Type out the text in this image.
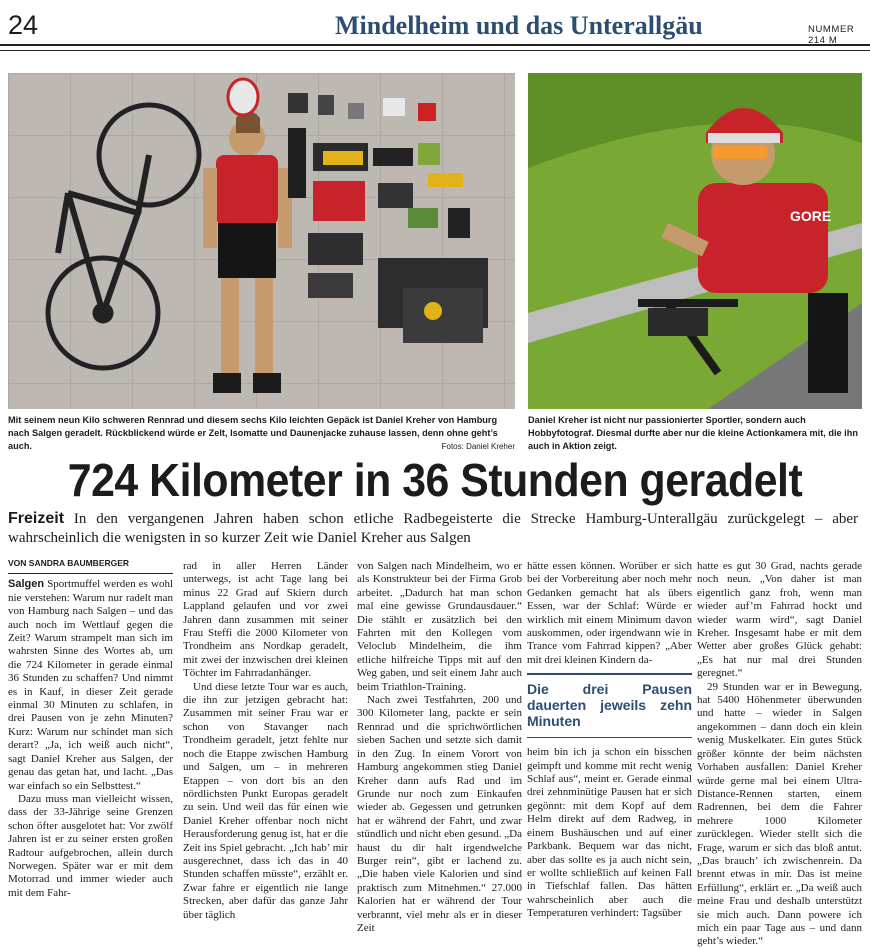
24	Mindelheim und das Unterallgäu	NUMMER 214 M
GORE
Mit seinem neun Kilo schweren Rennrad und diesem sechs Kilo leichten Gepäck ist Daniel Kreher von Hamburg nach Salgen geradelt. Rückblickend würde er Zelt, Isomatte und Daunenjacke zuhause lassen, denn ohne geht’s auch.	Fotos: Daniel Kreher
Daniel Kreher ist nicht nur passionierter Sportler, sondern auch Hobbyfotograf. Diesmal durfte aber nur die kleine Actionkamera mit, die ihn auch in Aktion zeigt.
724 Kilometer in 36 Stunden geradelt
Freizeit In den vergangenen Jahren haben schon etliche Radbegeisterte die Strecke Hamburg-Unterallgäu zurückgelegt – aber wahrscheinlich die wenigsten in so kurzer Zeit wie Daniel Kreher aus Salgen
VON SANDRA BAUMBERGER

Salgen Sportmuffel werden es wohl nie verstehen: Warum nur radelt man von Hamburg nach Salgen – und das auch noch im Wettlauf gegen die Zeit? Warum strampelt man sich im wahrsten Sinne des Wortes ab, um die 724 Kilometer in gerade einmal 36 Stunden zu schaffen? Und nimmt es in Kauf, in dieser Zeit gerade einmal 30 Minuten zu schlafen, in drei Pausen von je zehn Minuten? Kurz: Warum nur schindet man sich derart? „Ja, ich weiß auch nicht“, sagt Daniel Kreher aus Salgen, der genau das getan hat, und lacht. „Das war einfach so ein Selbsttest.“

Dazu muss man vielleicht wissen, dass der 33-Jährige seine Grenzen schon öfter ausgelotet hat: Vor zwölf Jahren ist er zu seiner ersten großen Radtour aufgebrochen, allein durch Norwegen. Später war er mit dem Motorrad und immer wieder auch mit dem Fahr-

rad in aller Herren Länder unterwegs, ist acht Tage lang bei minus 22 Grad auf Skiern durch Lappland gelaufen und vor zwei Jahren dann zusammen mit seiner Frau Steffi die 2000 Kilometer von Trondheim ans Nordkap geradelt, mit zwei der inzwischen drei kleinen Töchter im Fahrradanhänger.

Und diese letzte Tour war es auch, die ihn zur jetzigen gebracht hat: Zusammen mit seiner Frau war er schon von Stavanger nach Trondheim geradelt, jetzt fehlte nur noch die Etappe zwischen Hamburg und Salgen, um – in mehreren Etappen – von dort bis an den nördlichsten Punkt Europas geradelt zu sein. Und weil das für einen wie Daniel Kreher offenbar noch nicht Herausforderung genug ist, hat er die Zeit ins Spiel gebracht. „Ich hab’ mir ausgerechnet, dass ich das in 40 Stunden schaffen müsste“, erzählt er. Zwar fahre er eigentlich nie lange Strecken, aber dafür das ganze Jahr über täglich

von Salgen nach Mindelheim, wo er als Konstrukteur bei der Firma Grob arbeitet. „Dadurch hat man schon mal eine gewisse Grundausdauer.“ Die stählt er zusätzlich bei den Fahrten mit den Kollegen vom Veloclub Mindelheim, die ihm etliche hilfreiche Tipps mit auf den Weg gaben, und seit einem Jahr auch beim Triathlon-Training.

Nach zwei Testfahrten, 200 und 300 Kilometer lang, packte er sein Rennrad und die sprichwörtlichen sieben Sachen und setzte sich damit in den Zug. In einem Vorort von Hamburg angekommen stieg Daniel Kreher dann aufs Rad und im Grunde nur noch zum Einkaufen wieder ab. Gegessen und getrunken hat er während der Fahrt, und zwar stündlich und nicht eben gesund. „Da haust du dir halt irgendwelche Burger rein“, gibt er lachend zu. „Die haben viele Kalorien und sind praktisch zum Mitnehmen.“ 27.000 Kalorien hat er während der Tour verbrannt, viel mehr als er in dieser Zeit

hätte essen können. Worüber er sich bei der Vorbereitung aber noch mehr Gedanken gemacht hat als übers Essen, war der Schlaf: Würde er wirklich mit einem Minimum davon auskommen, oder irgendwann wie in Trance vom Fahrrad kippen? „Aber mit drei kleinen Kindern da-

Die drei Pausen dauerten jeweils zehn Minuten

heim bin ich ja schon ein bisschen geimpft und komme mit recht wenig Schlaf aus“, meint er. Gerade einmal drei zehnminütige Pausen hat er sich gegönnt: mit dem Kopf auf dem Helm direkt auf dem Radweg, in einem Bushäuschen und auf einer Parkbank. Bequem war das nicht, aber das sollte es ja auch nicht sein, er wollte schließlich auf keinen Fall in Tiefschlaf fallen. Das hätten wahrscheinlich aber auch die Temperaturen verhindert: Tagsüber

hatte es gut 30 Grad, nachts gerade noch neun. „Von daher ist man eigentlich ganz froh, wenn man wieder auf’m Fahrrad hockt und wieder warm wird“, sagt Daniel Kreher. Insgesamt habe er mit dem Wetter aber großes Glück gehabt: „Es hat nur mal drei Stunden geregnet.“

29 Stunden war er in Bewegung, hat 5400 Höhenmeter überwunden und hatte – wieder in Salgen angekommen – dann doch ein klein wenig Muskelkater. Ein gutes Stück größer könnte der beim nächsten Vorhaben ausfallen: Daniel Kreher würde gerne mal bei einem Ultra-Distance-Rennen starten, einem Radrennen, bei dem die Fahrer mehrere 1000 Kilometer zurücklegen. Wieder stellt sich die Frage, warum er sich das bloß antut. „Das brauch’ ich zwischenrein. Da brennt etwas in mir. Das ist meine Erfüllung“, erklärt er. „Da weiß auch meine Frau und deshalb unterstützt sie mich auch. Dann powere ich mich ein paar Tage aus – und dann geht’s wieder.“
